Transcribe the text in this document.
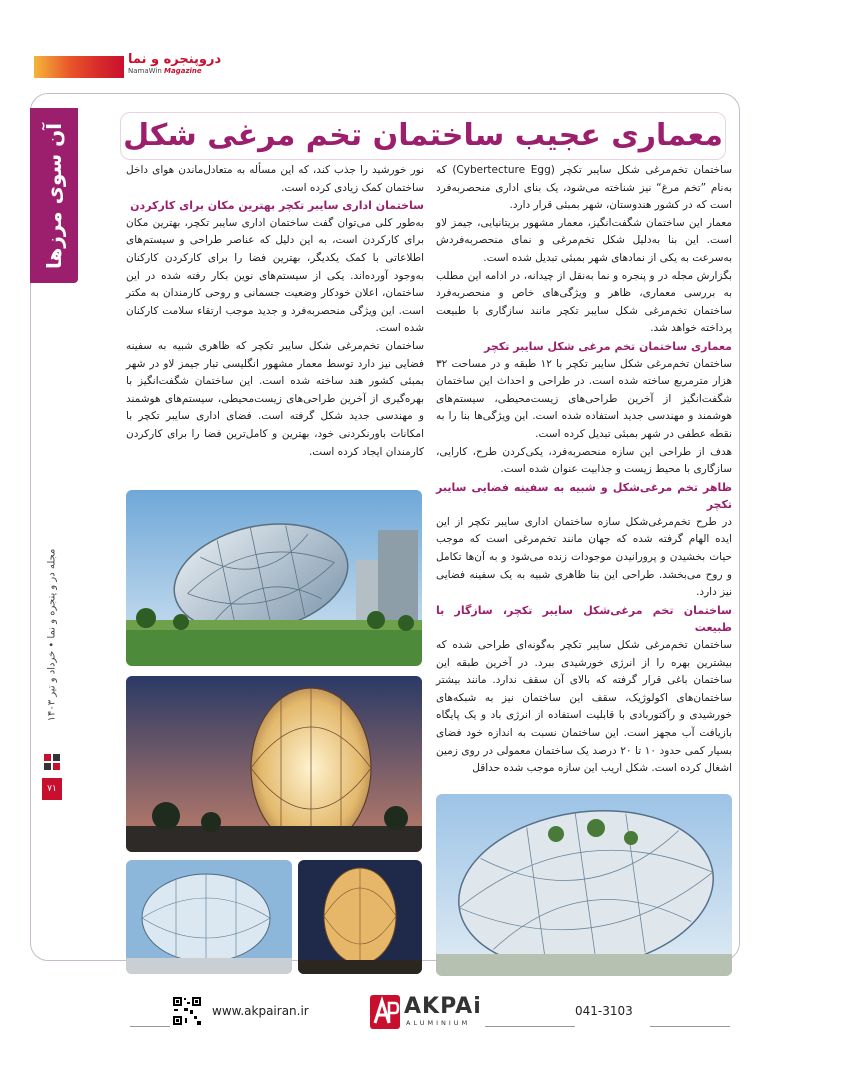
دروپنجره و نما
NamaWin Magazine
آن سوی مرزها
مجله در و پنجره و نما • خرداد و تیر ۱۴۰۳
۷۱
معماری عجیب ساختمان تخم مرغی شکل

ساختمان تخم‌مرغی شکل سایبر تکچر (Cybertecture Egg) که به‌نام ”تخم مرغ“ نیز شناخته می‌شود، یک بنای اداری منحصربه‌فرد است که در کشور هندوستان، شهر بمبئی قرار دارد.

معمار این ساختمان شگفت‌انگیز، معمار مشهور بریتانیایی، جیمز لاو است. این بنا به‌دلیل شکل تخم‌مرغی و نمای منحصربه‌فردش به‌سرعت به یکی از نمادهای شهر بمبئی تبدیل شده است.

بگزارش مجله در و پنجره و نما به‌نقل از چیدانه، در ادامه این مطلب به بررسی معماری، ظاهر و ویژگی‌های خاص و منحصربه‌فرد ساختمان تخم‌مرغی شکل سایبر تکچر مانند سازگاری با طبیعت پرداخته خواهد شد.

معماری ساختمان تخم مرغی شکل سایبر تکچر

ساختمان تخم‌مرغی شکل سایبر تکچر با ۱۲ طبقه و در مساحت ۳۲ هزار مترمربع ساخته شده است. در طراحی و احداث این ساختمان شگفت‌انگیز از آخرین طراحی‌های زیست‌محیطی، سیستم‌های هوشمند و مهندسی جدید استفاده شده است. این ویژگی‌ها بنا را به نقطه عطفی در شهر بمبئی تبدیل کرده است.

هدف از طراحی این سازه منحصربه‌فرد، یکی‌کردن طرح، کارایی، سازگاری با محیط زیست و جذابیت عنوان شده است.

ظاهر تخم مرغی‌شکل و شبیه به سفینه فضایی سایبر تکچر

در طرح تخم‌مرغی‌شکل سازه ساختمان اداری سایبر تکچر از این ایده الهام گرفته شده که جهان مانند تخم‌مرغی است که موجب حیات بخشیدن و پرورانیدن موجودات زنده می‌شود و به آن‌ها تکامل و روح می‌بخشد. طراحی این بنا ظاهری شبیه به یک سفینه فضایی نیز دارد.

ساختمان تخم مرغی‌شکل سایبر تکچر، سازگار با طبیعت

ساختمان تخم‌مرغی شکل سایبر تکچر به‌گونه‌ای طراحی شده که بیشترین بهره را از انرژی خورشیدی ببرد. در آخرین طبقه این ساختمان باغی قرار گرفته که بالای آن سقف ندارد. مانند بیشتر ساختمان‌های اکولوژیک، سقف این ساختمان نیز به شبکه‌های خورشیدی و رآکتوربادی با قابلیت استفاده از انرژی باد و یک پایگاه بازیافت آب مجهز است. این ساختمان نسبت به اندازه خود فضای بسیار کمی حدود ۱۰ تا ۲۰ درصد یک ساختمان معمولی در روی زمین اشغال کرده است. شکل اریب این سازه موجب شده حداقل

نور خورشید را جذب کند، که این مسأله به متعادل‌ماندن هوای داخل ساختمان کمک زیادی کرده است.

ساختمان اداری سایبر تکچر بهترین مکان برای کارکردن

به‌طور کلی می‌توان گفت ساختمان اداری سایبر تکچر، بهترین مکان برای کارکردن است، به این دلیل که عناصر طراحی و سیستم‌های اطلاعاتی با کمک یکدیگر، بهترین فضا را برای کارکردن کارکنان به‌وجود آورده‌اند. یکی از سیستم‌های نوین بکار رفته شده در این ساختمان، اعلان خودکار وضعیت جسمانی و روحی کارمندان به مکتر است. این ویژگی منحصربه‌فرد و جدید موجب ارتقاء سلامت کارکنان شده است.

ساختمان تخم‌مرغی شکل سایبر تکچر که ظاهری شبیه به سفینه فضایی نیز دارد توسط معمار مشهور انگلیسی تبار جیمز لاو در شهر بمبئی کشور هند ساخته شده است. این ساختمان شگفت‌انگیز با بهره‌گیری از آخرین طراحی‌های زیست‌محیطی، سیستم‌های هوشمند و مهندسی جدید شکل گرفته است. فضای اداری سایبر تکچر با امکانات باورنکردنی خود، بهترین و کامل‌ترین فضا را برای کارکردن کارمندان ایجاد کرده است.

www.akpairan.ir	AKPAi
ALUMINIUM
041-3103
